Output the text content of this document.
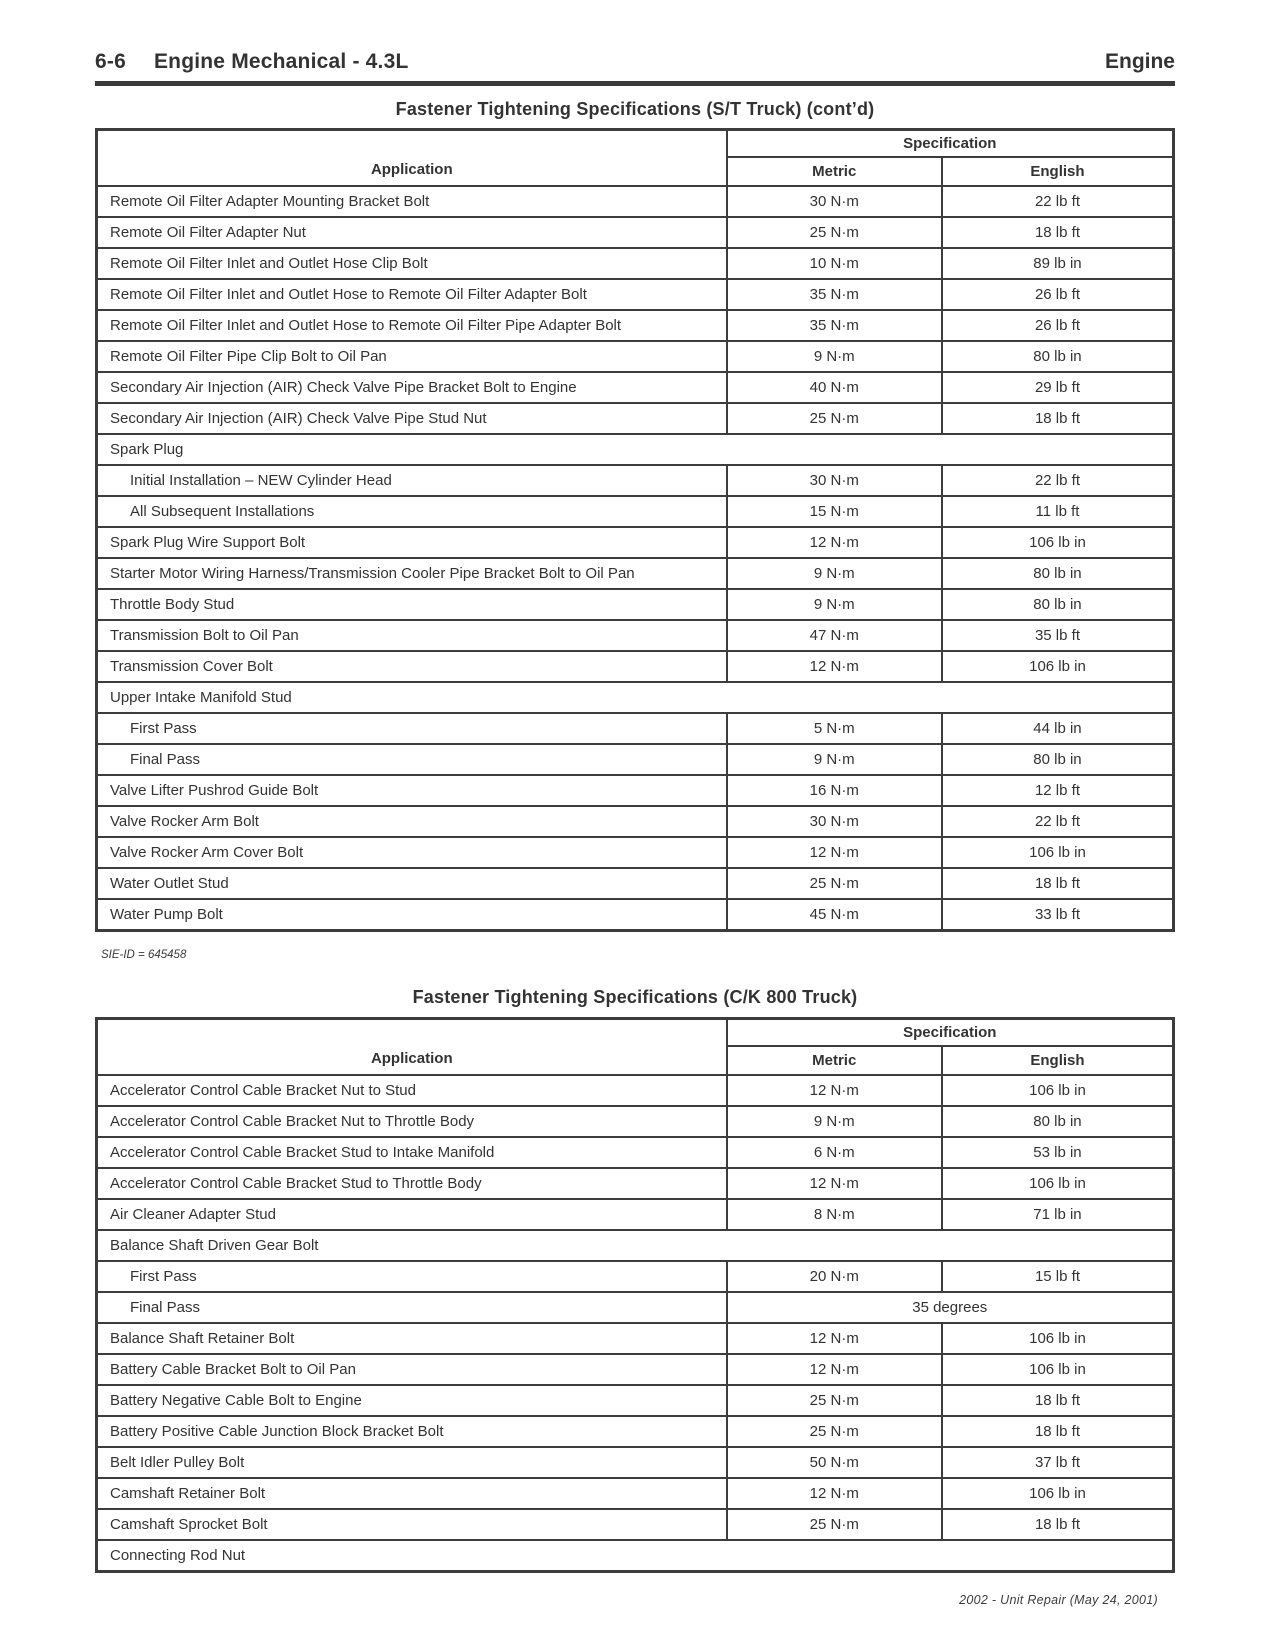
6-6 Engine Mechanical - 4.3L	Engine
Fastener Tightening Specifications (S/T Truck) (cont’d)
Application	Specification	
	Metric	English
Remote Oil Filter Adapter Mounting Bracket Bolt	30 N·m	22 lb ft
Remote Oil Filter Adapter Nut	25 N·m	18 lb ft
Remote Oil Filter Inlet and Outlet Hose Clip Bolt	10 N·m	89 lb in
Remote Oil Filter Inlet and Outlet Hose to Remote Oil Filter Adapter Bolt	35 N·m	26 lb ft
Remote Oil Filter Inlet and Outlet Hose to Remote Oil Filter Pipe Adapter Bolt	35 N·m	26 lb ft
Remote Oil Filter Pipe Clip Bolt to Oil Pan	9 N·m	80 lb in
Secondary Air Injection (AIR) Check Valve Pipe Bracket Bolt to Engine	40 N·m	29 lb ft
Secondary Air Injection (AIR) Check Valve Pipe Stud Nut	25 N·m	18 lb ft
Spark Plug		
Initial Installation – NEW Cylinder Head	30 N·m	22 lb ft
All Subsequent Installations	15 N·m	11 lb ft
Spark Plug Wire Support Bolt	12 N·m	106 lb in
Starter Motor Wiring Harness/Transmission Cooler Pipe Bracket Bolt to Oil Pan	9 N·m	80 lb in
Throttle Body Stud	9 N·m	80 lb in
Transmission Bolt to Oil Pan	47 N·m	35 lb ft
Transmission Cover Bolt	12 N·m	106 lb in
Upper Intake Manifold Stud		
First Pass	5 N·m	44 lb in
Final Pass	9 N·m	80 lb in
Valve Lifter Pushrod Guide Bolt	16 N·m	12 lb ft
Valve Rocker Arm Bolt	30 N·m	22 lb ft
Valve Rocker Arm Cover Bolt	12 N·m	106 lb in
Water Outlet Stud	25 N·m	18 lb ft
Water Pump Bolt	45 N·m	33 lb ft
SIE-ID = 645458
Fastener Tightening Specifications (C/K 800 Truck)
Application	Specification	
	Metric	English
Accelerator Control Cable Bracket Nut to Stud	12 N·m	106 lb in
Accelerator Control Cable Bracket Nut to Throttle Body	9 N·m	80 lb in
Accelerator Control Cable Bracket Stud to Intake Manifold	6 N·m	53 lb in
Accelerator Control Cable Bracket Stud to Throttle Body	12 N·m	106 lb in
Air Cleaner Adapter Stud	8 N·m	71 lb in
Balance Shaft Driven Gear Bolt		
First Pass	20 N·m	15 lb ft
Final Pass	35 degrees	
Balance Shaft Retainer Bolt	12 N·m	106 lb in
Battery Cable Bracket Bolt to Oil Pan	12 N·m	106 lb in
Battery Negative Cable Bolt to Engine	25 N·m	18 lb ft
Battery Positive Cable Junction Block Bracket Bolt	25 N·m	18 lb ft
Belt Idler Pulley Bolt	50 N·m	37 lb ft
Camshaft Retainer Bolt	12 N·m	106 lb in
Camshaft Sprocket Bolt	25 N·m	18 lb ft
Connecting Rod Nut		
2002 - Unit Repair (May 24, 2001)
